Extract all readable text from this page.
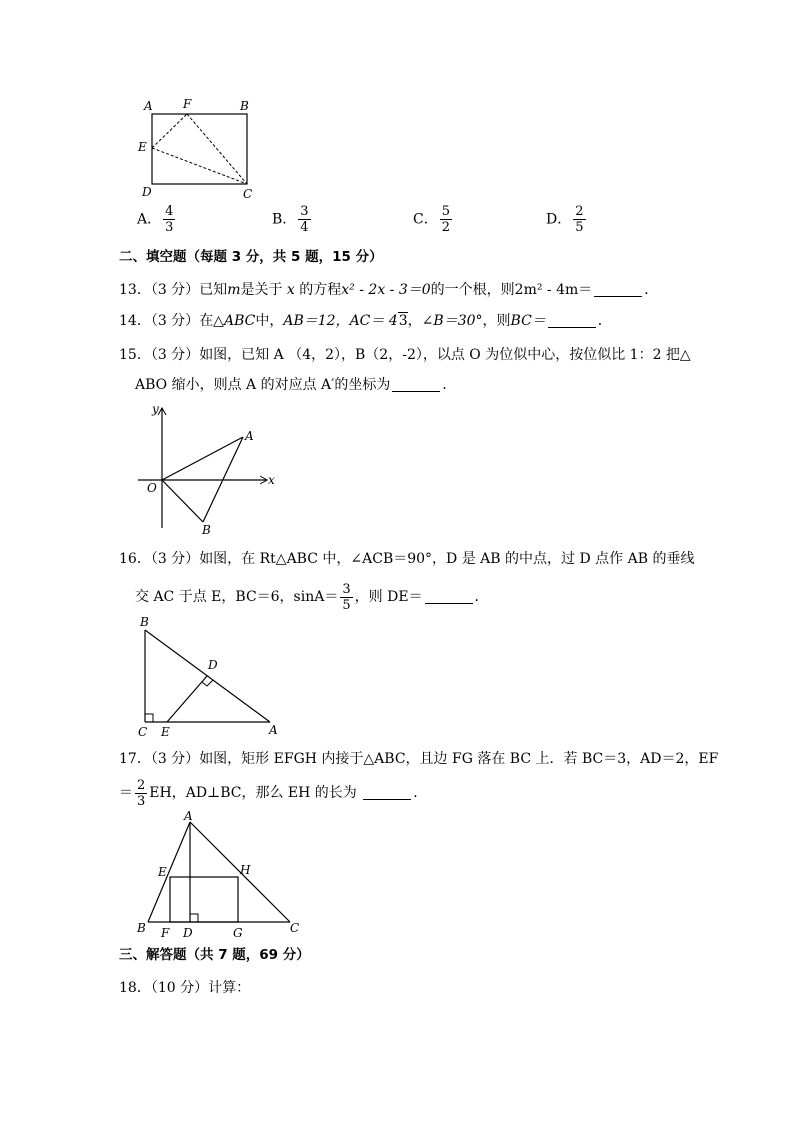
A	F	B
E
D	C
A． $\frac{4}{3}$	B． $\frac{3}{4}$	C． $\frac{5}{2}$	D． $\frac{2}{5}$
二、填空题（每题 3 分，共 5 题，15 分）
13．（3 分）已知m是关于 x 的方程x² - 2x - 3＝0的一个根，则2m² - 4m＝	．
14．（3 分）在△ABC中，AB＝12，AC＝ 43，∠B＝30°，则BC＝	．
15．（3 分）如图，已知 A （4，2），B（2，-2），以点 O 为位似中心，按位似比 1：2 把△
ABO 缩小，则点 A 的对应点 A′的坐标为	．
y
x
O
A
B
16．（3 分）如图，在 Rt△ABC 中，∠ACB＝90°，D 是 AB 的中点，过 D 点作 AB 的垂线
交 AC 于点 E，BC＝6，$\sin A= \frac{3}{5}$ ，则 DE＝	．
B
D
C E	A
17．（3 分）如图，矩形 EFGH 内接于△ABC，且边 FG 落在 BC 上．若 BC＝3，AD＝2，EF
＝ $\frac{2}{3}$ EH，AD⊥BC，那么 EH 的长为	．
A
E	H
B F D	G	C
三、解答题（共 7 题，69 分）
18．（10 分）计算：
